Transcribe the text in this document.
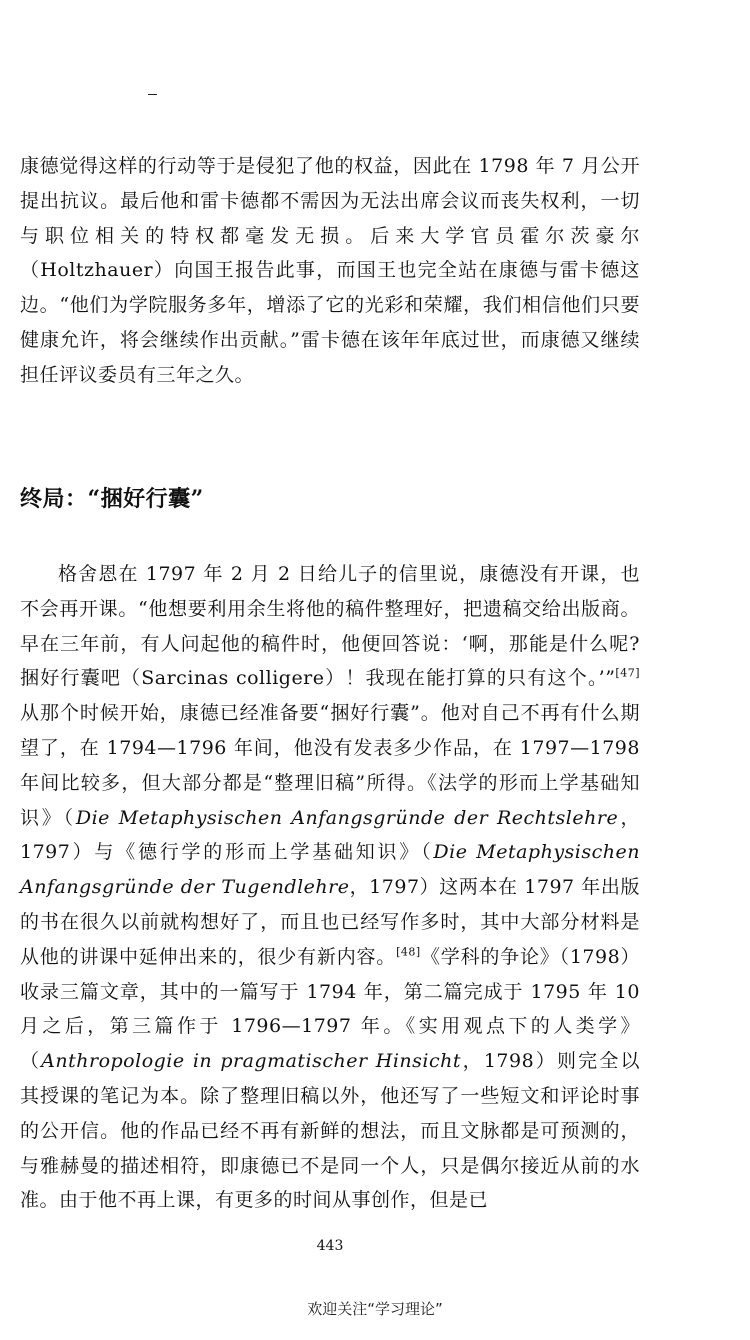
康德觉得这样的行动等于是侵犯了他的权益，因此在 1798 年 7 月公开提出抗议。最后他和雷卡德都不需因为无法出席会议而丧失权利，一切与职位相关的特权都毫发无损。后来大学官员霍尔茨豪尔（Holtzhauer）向国王报告此事，而国王也完全站在康德与雷卡德这边。“他们为学院服务多年，增添了它的光彩和荣耀，我们相信他们只要健康允许，将会继续作出贡献。”雷卡德在该年年底过世，而康德又继续担任评议委员有三年之久。

终局：“捆好行囊”

格舍恩在 1797 年 2 月 2 日给儿子的信里说，康德没有开课，也不会再开课。“他想要利用余生将他的稿件整理好，把遗稿交给出版商。早在三年前，有人问起他的稿件时，他便回答说：‘啊，那能是什么呢?捆好行囊吧（Sarcinas colligere）！我现在能打算的只有这个。’”[47]从那个时候开始，康德已经准备要“捆好行囊”。他对自己不再有什么期望了，在 1794—1796 年间，他没有发表多少作品，在 1797—1798 年间比较多，但大部分都是“整理旧稿”所得。《法学的形而上学基础知识》（Die Metaphysischen Anfangsgründe der Rechtslehre，1797）与《德行学的形而上学基础知识》（Die Metaphysischen Anfangsgründe der Tugendlehre，1797）这两本在 1797 年出版的书在很久以前就构想好了，而且也已经写作多时，其中大部分材料是从他的讲课中延伸出来的，很少有新内容。[48]《学科的争论》（1798）收录三篇文章，其中的一篇写于 1794 年，第二篇完成于 1795 年 10 月之后，第三篇作于 1796—1797 年。《实用观点下的人类学》（Anthropologie in pragmatischer Hinsicht，1798）则完全以其授课的笔记为本。除了整理旧稿以外，他还写了一些短文和评论时事的公开信。他的作品已经不再有新鲜的想法，而且文脉都是可预测的，与雅赫曼的描述相符，即康德已不是同一个人，只是偶尔接近从前的水准。由于他不再上课，有更多的时间从事创作，但是已

443
欢迎关注“学习理论”
